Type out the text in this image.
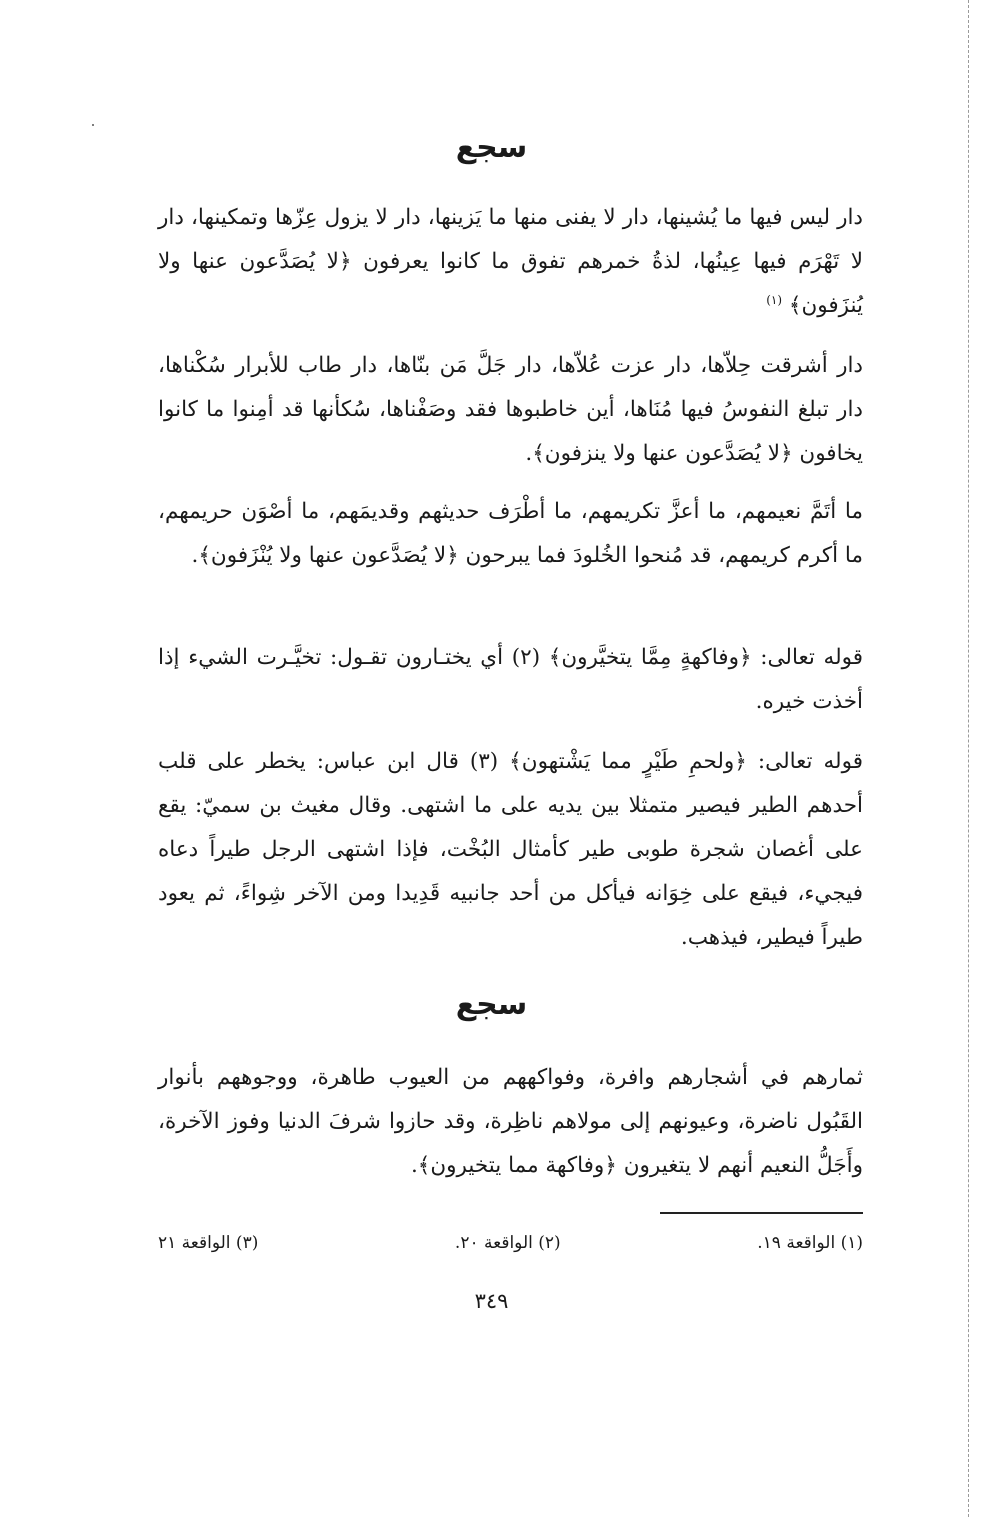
سجع

دار ليس فيها ما يُشينها، دار لا يفنى منها ما يَزينها، دار لا يزول عِزّها وتمكينها، دار لا تَهْرَم فيها عِينُها، لذةُ خمرهم تفوق ما كانوا يعرفون ﴿لا يُصَدَّعون عنها ولا يُنزَفون﴾ $^{(١)}$

دار أشرقت حِلاّها، دار عزت عُلاّها، دار جَلَّ مَن بنّاها، دار طاب للأبرار سُكْناها، دار تبلغ النفوسُ فيها مُنَاها، أين خاطبوها فقد وصَفْناها، سُكأنها قد أمِنوا ما كانوا يخافون ﴿لا يُصَدَّعون عنها ولا ينزفون﴾.

ما أتَمَّ نعيمهم، ما أعزَّ تكريمهم، ما أطْرَف حديثهم وقديمَهم، ما أصْوَن حريمهم، ما أكرم كريمهم، قد مُنحوا الخُلودَ فما يبرحون ﴿لا يُصَدَّعون عنها ولا يُنْزَفون﴾.

قوله تعالى: ﴿وفاكهةٍ مِمَّا يتخيَّرون﴾ (٢) أي يختـارون تقـول: تخيَّـرت الشيء إذا أخذت خيره.

قوله تعالى: ﴿ولحمِ طَيْرٍ مما يَشْتهون﴾ (٣) قال ابن عباس: يخطر على قلب أحدهم الطير فيصير متمثلا بين يديه على ما اشتهى. وقال مغيث بن سميّ: يقع على أغصان شجرة طوبى طير كأمثال البُخْت، فإذا اشتهى الرجل طيراً دعاه فيجيء، فيقع على خِوَانه فيأكل من أحد جانبيه قَدِيدا ومن الآخر شِواءً، ثم يعود طيراً فيطير، فيذهب.

سجع

ثمارهم في أشجارهم وافرة، وفواكههم من العيوب طاهرة، ووجوههم بأنوار القَبُول ناضرة، وعيونهم إلى مولاهم ناظِرة، وقد حازوا شرفَ الدنيا وفوز الآخرة، وأَجَلُّ النعيم أنهم لا يتغيرون ﴿وفاكهة مما يتخيرون﴾.

(١) الواقعة ١٩.
(٢) الواقعة ٢٠.
(٣) الواقعة ٢١
٣٤٩
